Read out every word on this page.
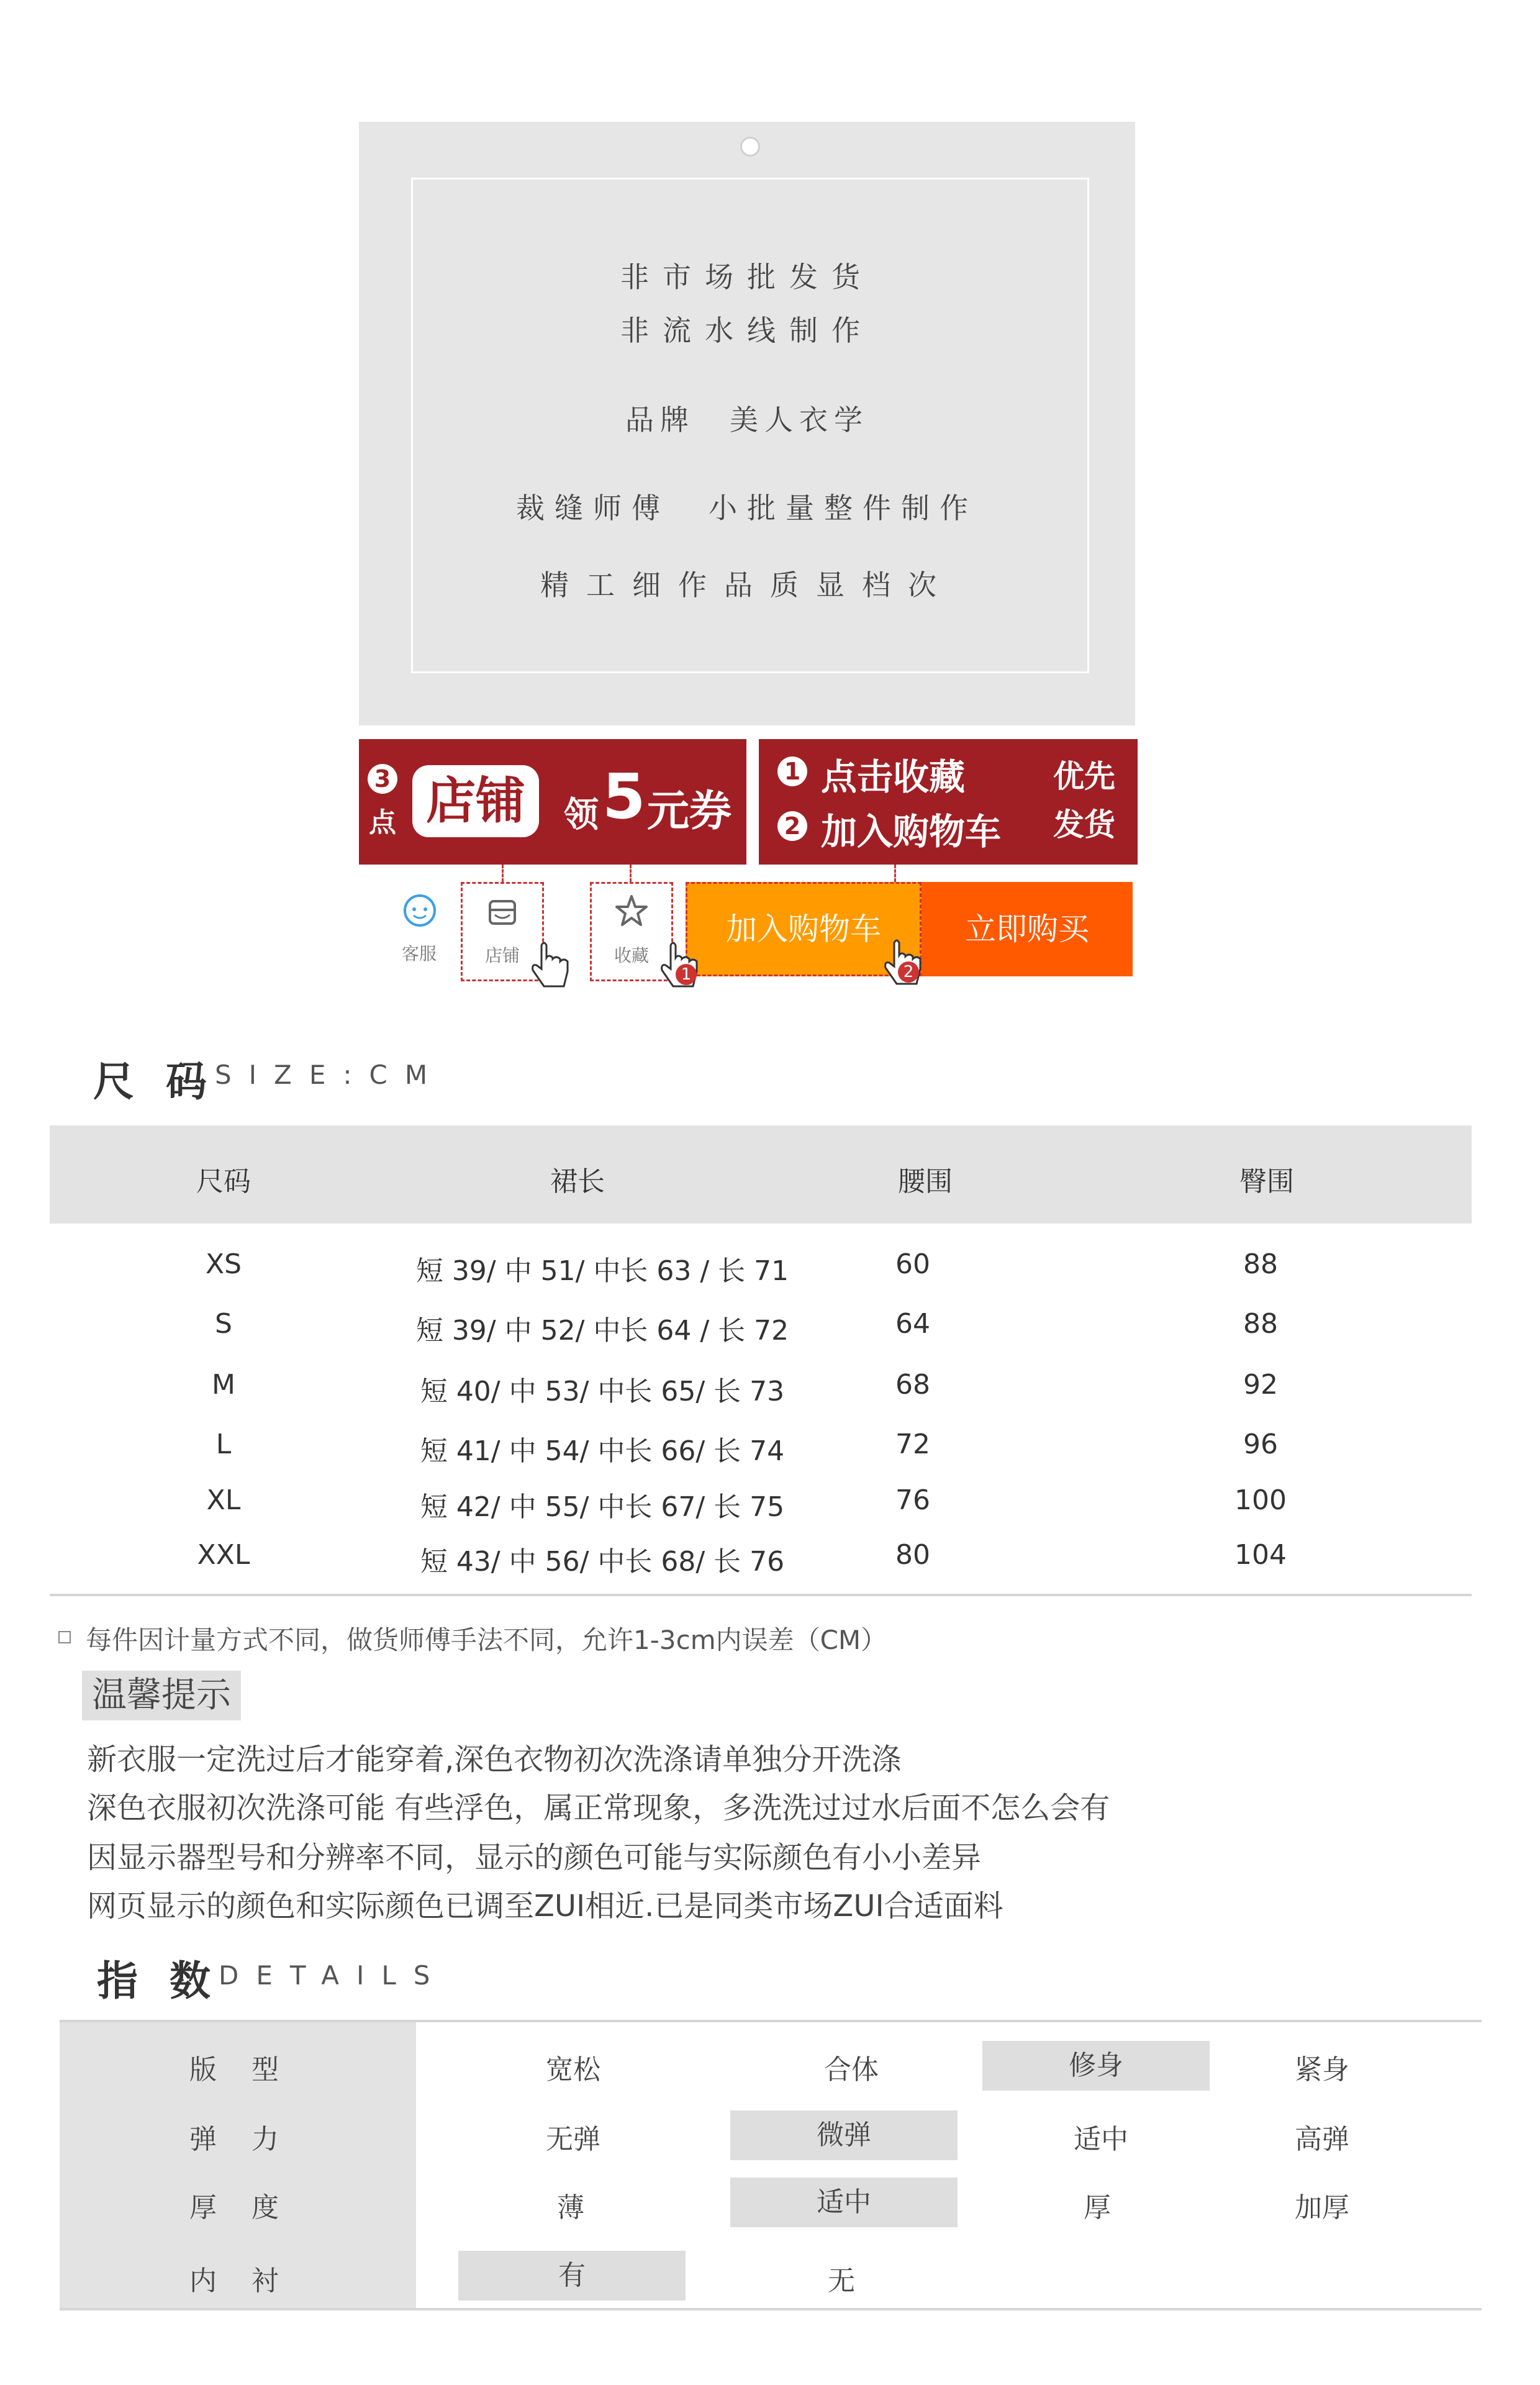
非市场批发货
非流水线制作
品牌　美人衣学
裁缝师傅　小批量整件制作
精工细作品质显档次
3
点 店铺	领 5 元券
1 点击收藏
2 加入购物车
优先
发货
客服	店铺	收藏
加入购物车	立即购买
1	2
尺 码 SIZE:CM
尺码	裙长	腰围	臀围
XS	短 39/ 中 51/ 中长 63 / 长 71	60	88
S	短 39/ 中 52/ 中长 64 / 长 72	64	88
M	短 40/ 中 53/ 中长 65/ 长 73	68	92
L	短 41/ 中 54/ 中长 66/ 长 74	72	96
XL	短 42/ 中 55/ 中长 67/ 长 75	76	100
XXL	短 43/ 中 56/ 中长 68/ 长 76	80	104
每件因计量方式不同，做货师傅手法不同，允许1-3cm内误差（CM）
温馨提示
新衣服一定洗过后才能穿着,深色衣物初次洗涤请单独分开洗涤
深色衣服初次洗涤可能 有些浮色，属正常现象，多洗洗过过水后面不怎么会有
因显示器型号和分辨率不同，显示的颜色可能与实际颜色有小小差异
网页显示的颜色和实际颜色已调至ZUI相近.已是同类市场ZUI合适面料
指 数 DETAILS
版　型	宽松	合体	修身	紧身
弹　力	无弹	微弹	适中	高弹
厚　度	薄	适中	厚	加厚
内　衬	有	无
